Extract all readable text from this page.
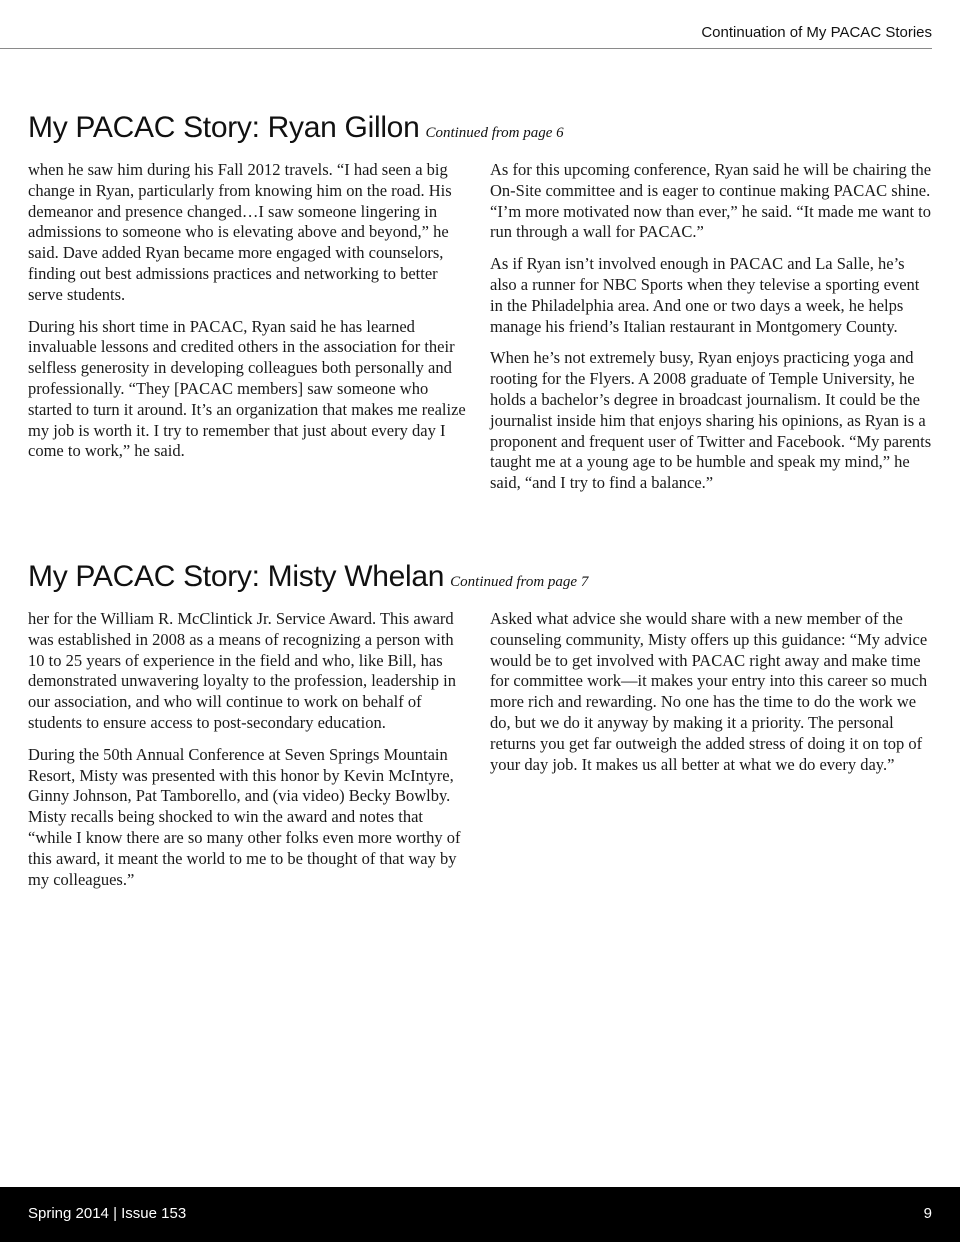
Continuation of My PACAC Stories
My PACAC Story: Ryan Gillon Continued from page 6

when he saw him during his Fall 2012 travels. “I had seen a big change in Ryan, particularly from knowing him on the road. His demeanor and presence changed…I saw someone lingering in admissions to someone who is elevating above and beyond,” he said. Dave added Ryan became more engaged with counselors, finding out best admissions practices and networking to better serve students.

During his short time in PACAC, Ryan said he has learned invaluable lessons and credited others in the association for their selfless generosity in developing colleagues both personally and professionally. “They [PACAC members] saw someone who started to turn it around. It’s an organization that makes me realize my job is worth it. I try to remember that just about every day I come to work,” he said.

As for this upcoming conference, Ryan said he will be chairing the On-Site committee and is eager to continue making PACAC shine. “I’m more motivated now than ever,” he said. “It made me want to run through a wall for PACAC.”

As if Ryan isn’t involved enough in PACAC and La Salle, he’s also a runner for NBC Sports when they televise a sporting event in the Philadelphia area. And one or two days a week, he helps manage his friend’s Italian restaurant in Montgomery County.

When he’s not extremely busy, Ryan enjoys practicing yoga and rooting for the Flyers. A 2008 graduate of Temple University, he holds a bachelor’s degree in broadcast journalism. It could be the journalist inside him that enjoys sharing his opinions, as Ryan is a proponent and frequent user of Twitter and Facebook. “My parents taught me at a young age to be humble and speak my mind,” he said, “and I try to find a balance.”

My PACAC Story: Misty Whelan Continued from page 7

her for the William R. McClintick Jr. Service Award. This award was established in 2008 as a means of recognizing a person with 10 to 25 years of experience in the field and who, like Bill, has demonstrated unwavering loyalty to the profession, leadership in our association, and who will continue to work on behalf of students to ensure access to post-secondary education.

During the 50th Annual Conference at Seven Springs Mountain Resort, Misty was presented with this honor by Kevin McIntyre, Ginny Johnson, Pat Tamborello, and (via video) Becky Bowlby. Misty recalls being shocked to win the award and notes that “while I know there are so many other folks even more worthy of this award, it meant the world to me to be thought of that way by my colleagues.”

Asked what advice she would share with a new member of the counseling community, Misty offers up this guidance: “My advice would be to get involved with PACAC right away and make time for committee work—it makes your entry into this career so much more rich and rewarding. No one has the time to do the work we do, but we do it anyway by making it a priority. The personal returns you get far outweigh the added stress of doing it on top of your day job. It makes us all better at what we do every day.”

Spring 2014 | Issue 153	9
